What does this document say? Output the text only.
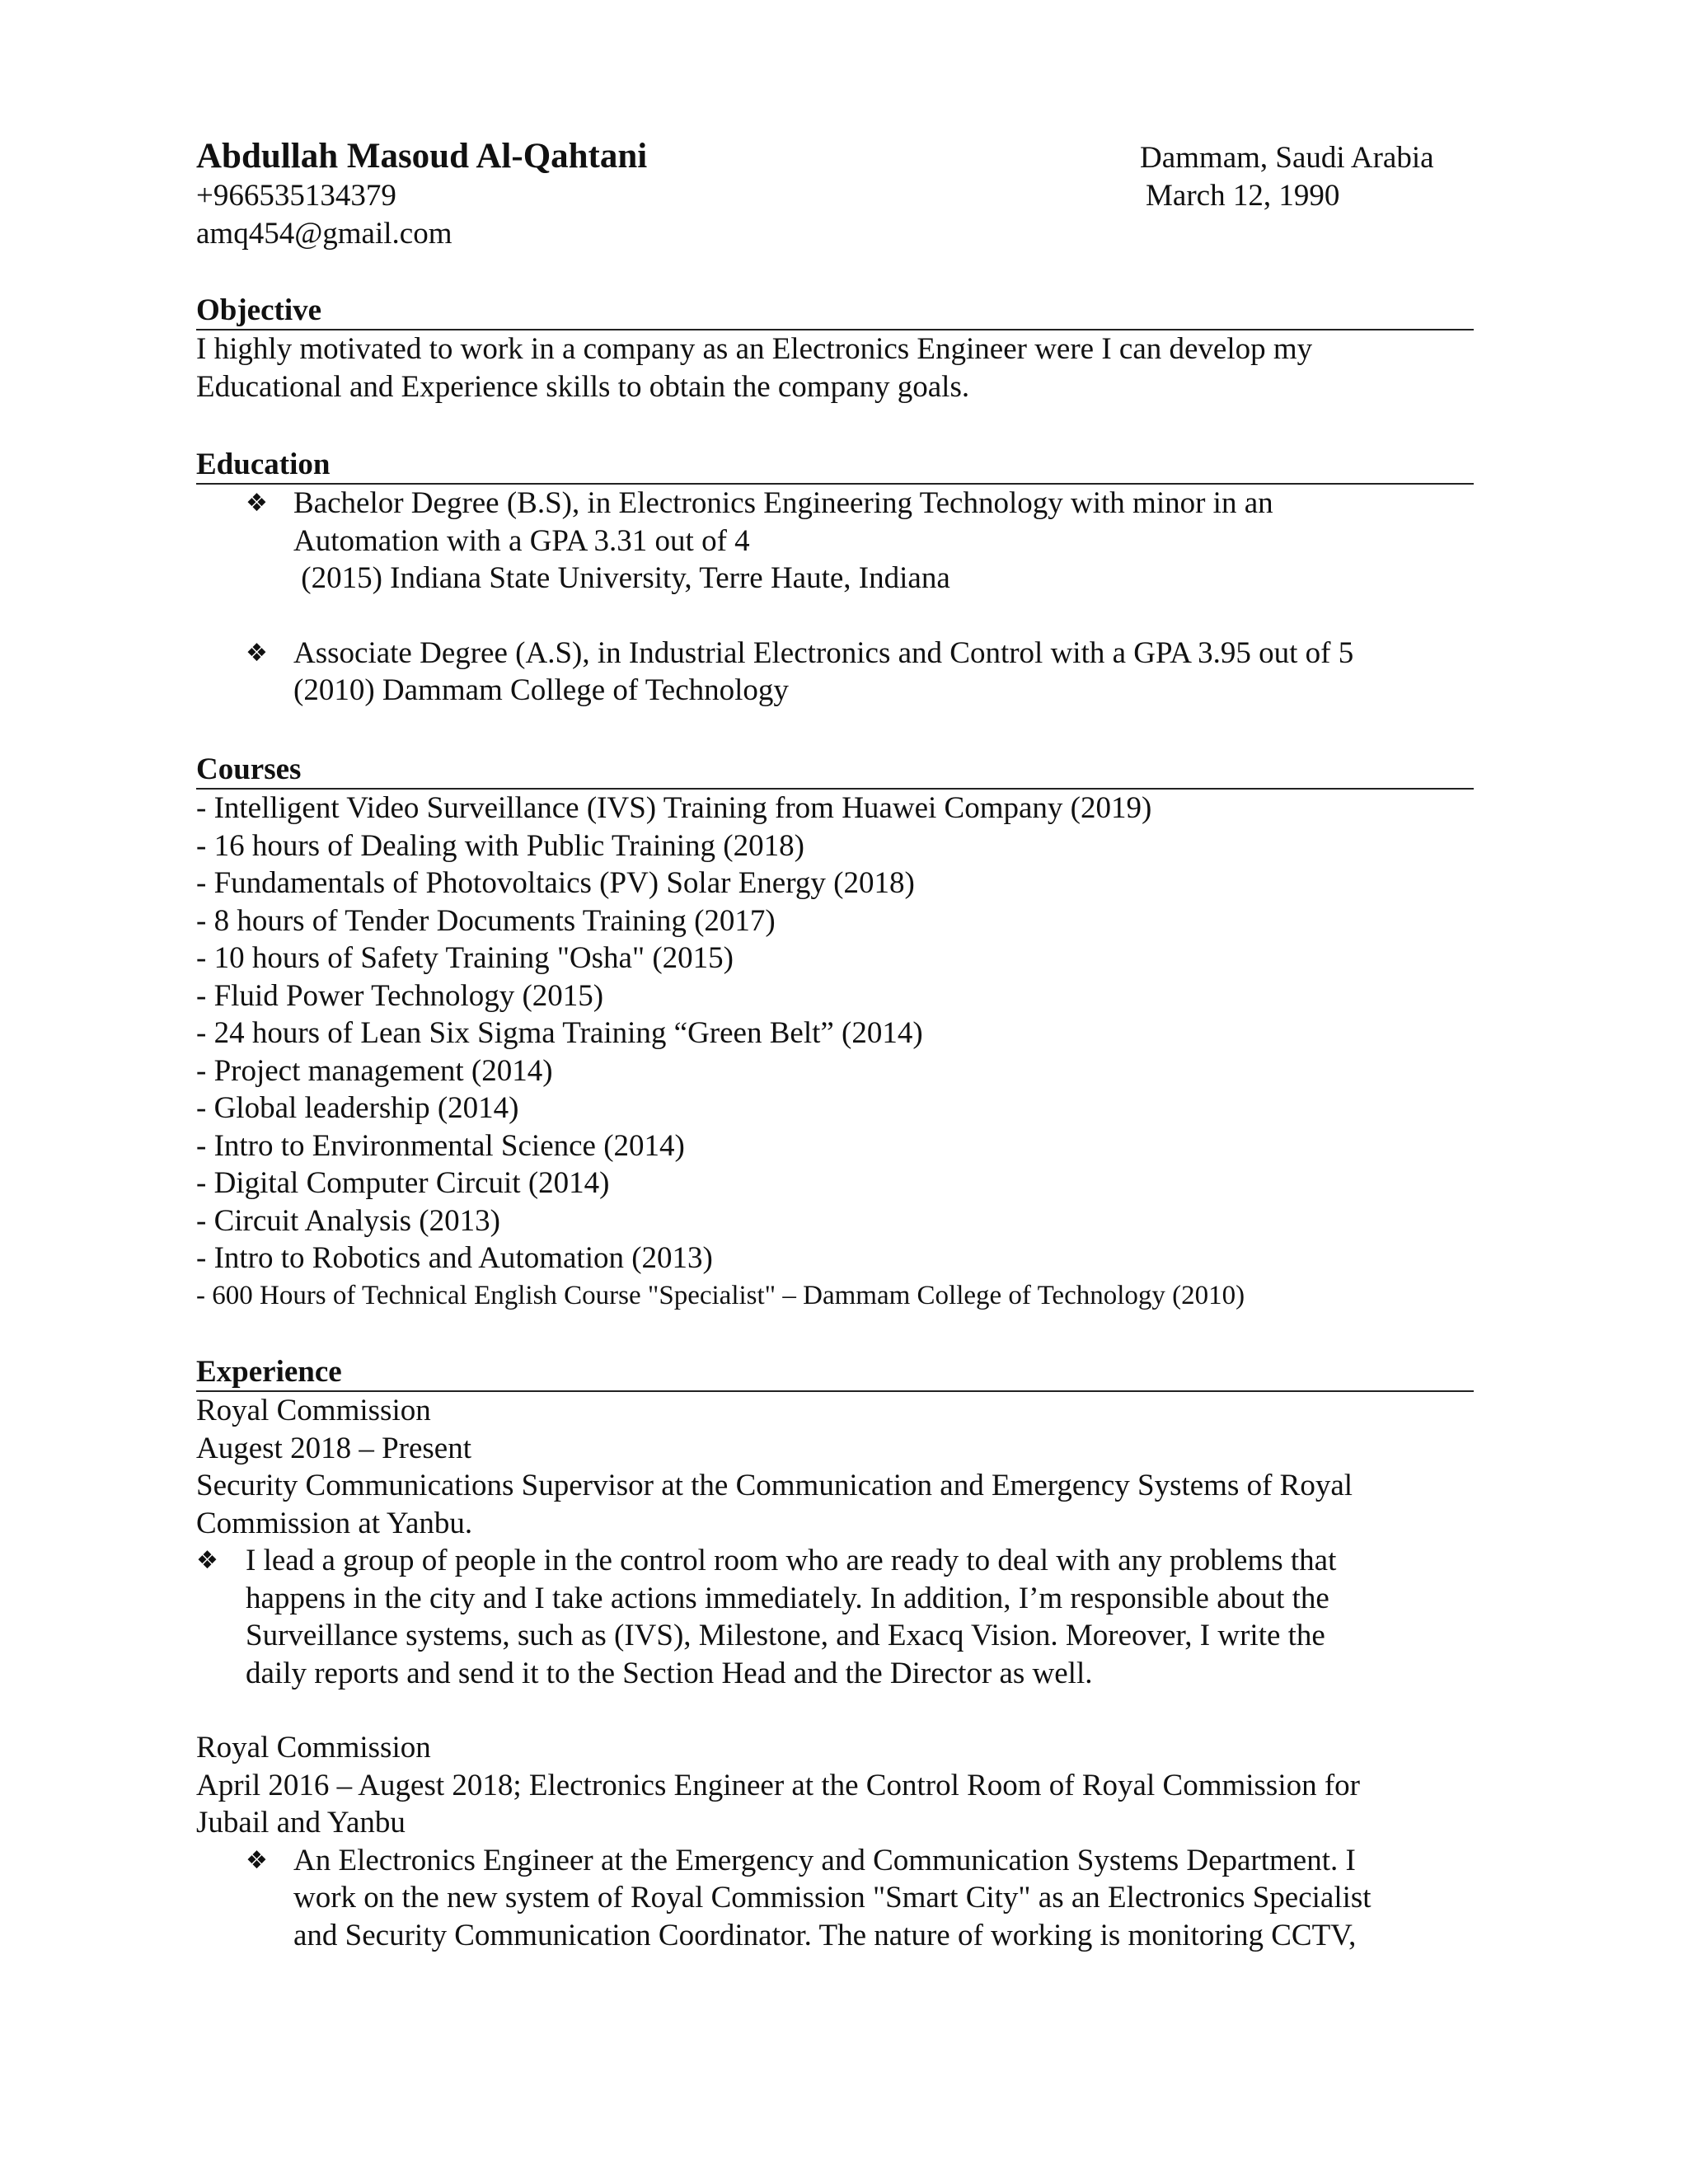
Abdullah Masoud Al-Qahtani	Dammam, Saudi Arabia
+966535134379	March 12, 1990
amq454@gmail.com
Objective
I highly motivated to work in a company as an Electronics Engineer were I can develop my
Educational and Experience skills to obtain the company goals.
Education
❖ Bachelor Degree (B.S), in Electronics Engineering Technology with minor in an
Automation with a GPA 3.31 out of 4
(2015) Indiana State University, Terre Haute, Indiana
❖ Associate Degree (A.S), in Industrial Electronics and Control with a GPA 3.95 out of 5
(2010) Dammam College of Technology
Courses
- Intelligent Video Surveillance (IVS) Training from Huawei Company (2019)
- 16 hours of Dealing with Public Training (2018)
- Fundamentals of Photovoltaics (PV) Solar Energy (2018)
- 8 hours of Tender Documents Training (2017)
- 10 hours of Safety Training "Osha" (2015)
- Fluid Power Technology (2015)
- 24 hours of Lean Six Sigma Training “Green Belt” (2014)
- Project management (2014)
- Global leadership (2014)
- Intro to Environmental Science (2014)
- Digital Computer Circuit (2014)
- Circuit Analysis (2013)
- Intro to Robotics and Automation (2013)
- 600 Hours of Technical English Course "Specialist" – Dammam College of Technology (2010)
Experience
Royal Commission
Augest 2018 – Present
Security Communications Supervisor at the Communication and Emergency Systems of Royal
Commission at Yanbu.
❖ I lead a group of people in the control room who are ready to deal with any problems that
happens in the city and I take actions immediately. In addition, I’m responsible about the
Surveillance systems, such as (IVS), Milestone, and Exacq Vision. Moreover, I write the
daily reports and send it to the Section Head and the Director as well.
Royal Commission
April 2016 – Augest 2018; Electronics Engineer at the Control Room of Royal Commission for
Jubail and Yanbu
❖ An Electronics Engineer at the Emergency and Communication Systems Department. I
work on the new system of Royal Commission "Smart City" as an Electronics Specialist
and Security Communication Coordinator. The nature of working is monitoring CCTV,
